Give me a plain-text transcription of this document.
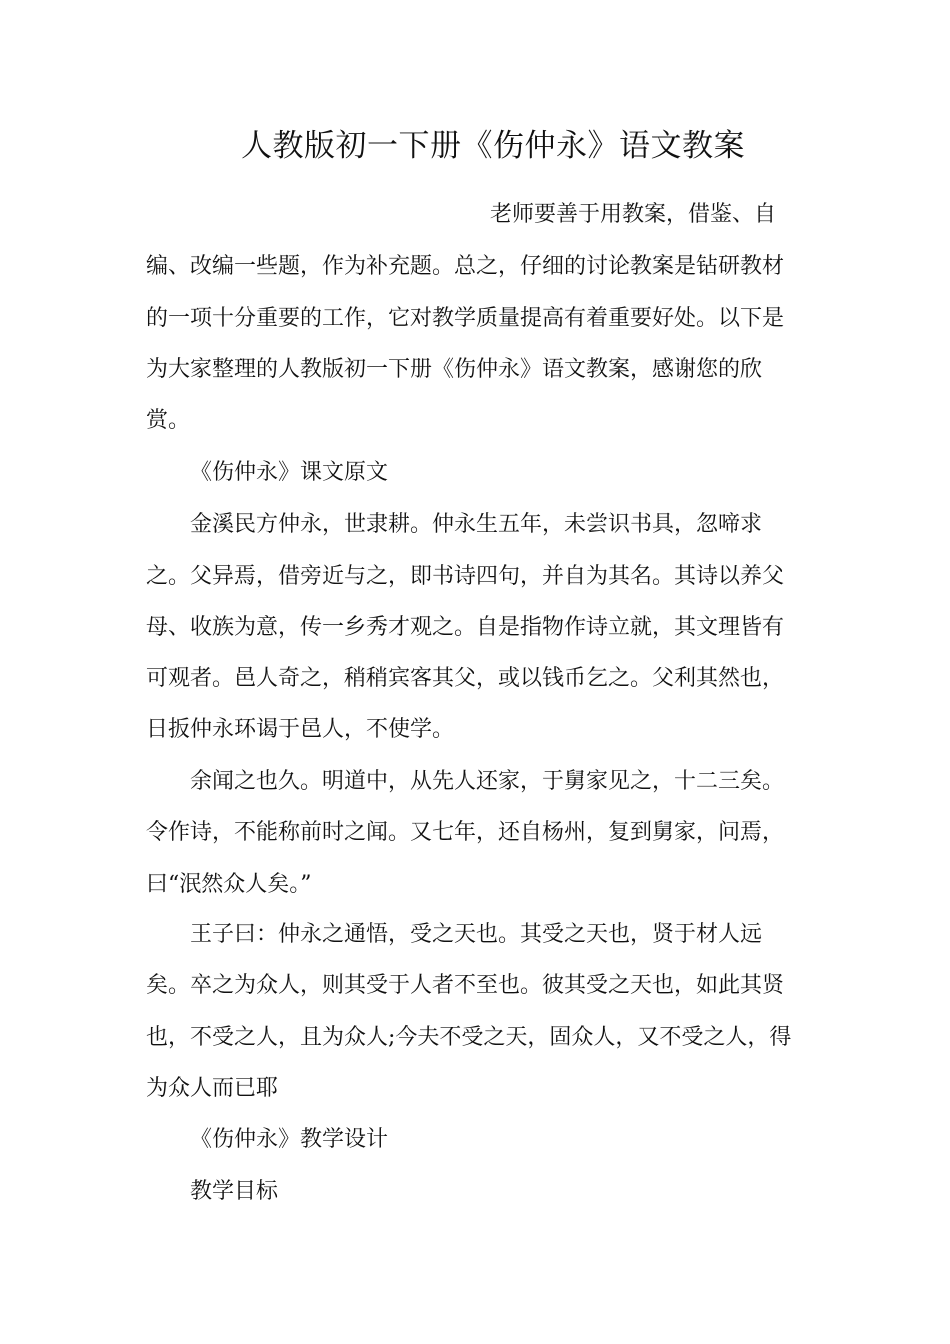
人教版初一下册《伤仲永》语文教案
老师要善于用教案，借鉴、自
编、改编一些题，作为补充题。总之，仔细的讨论教案是钻研教材
的一项十分重要的工作，它对教学质量提高有着重要好处。以下是
为大家整理的人教版初一下册《伤仲永》语文教案，感谢您的欣
赏。
《伤仲永》课文原文
金溪民方仲永，世隶耕。仲永生五年，未尝识书具，忽啼求
之。父异焉，借旁近与之，即书诗四句，并自为其名。其诗以养父
母、收族为意，传一乡秀才观之。自是指物作诗立就，其文理皆有
可观者。邑人奇之，稍稍宾客其父，或以钱币乞之。父利其然也，
日扳仲永环谒于邑人，不使学。
余闻之也久。明道中，从先人还家，于舅家见之，十二三矣。
令作诗，不能称前时之闻。又七年，还自杨州，复到舅家，问焉，
曰“泯然众人矣。”
王子曰：仲永之通悟，受之天也。其受之天也，贤于材人远
矣。卒之为众人，则其受于人者不至也。彼其受之天也，如此其贤
也，不受之人，且为众人;今夫不受之天，固众人，又不受之人，得
为众人而已耶
《伤仲永》教学设计
教学目标
